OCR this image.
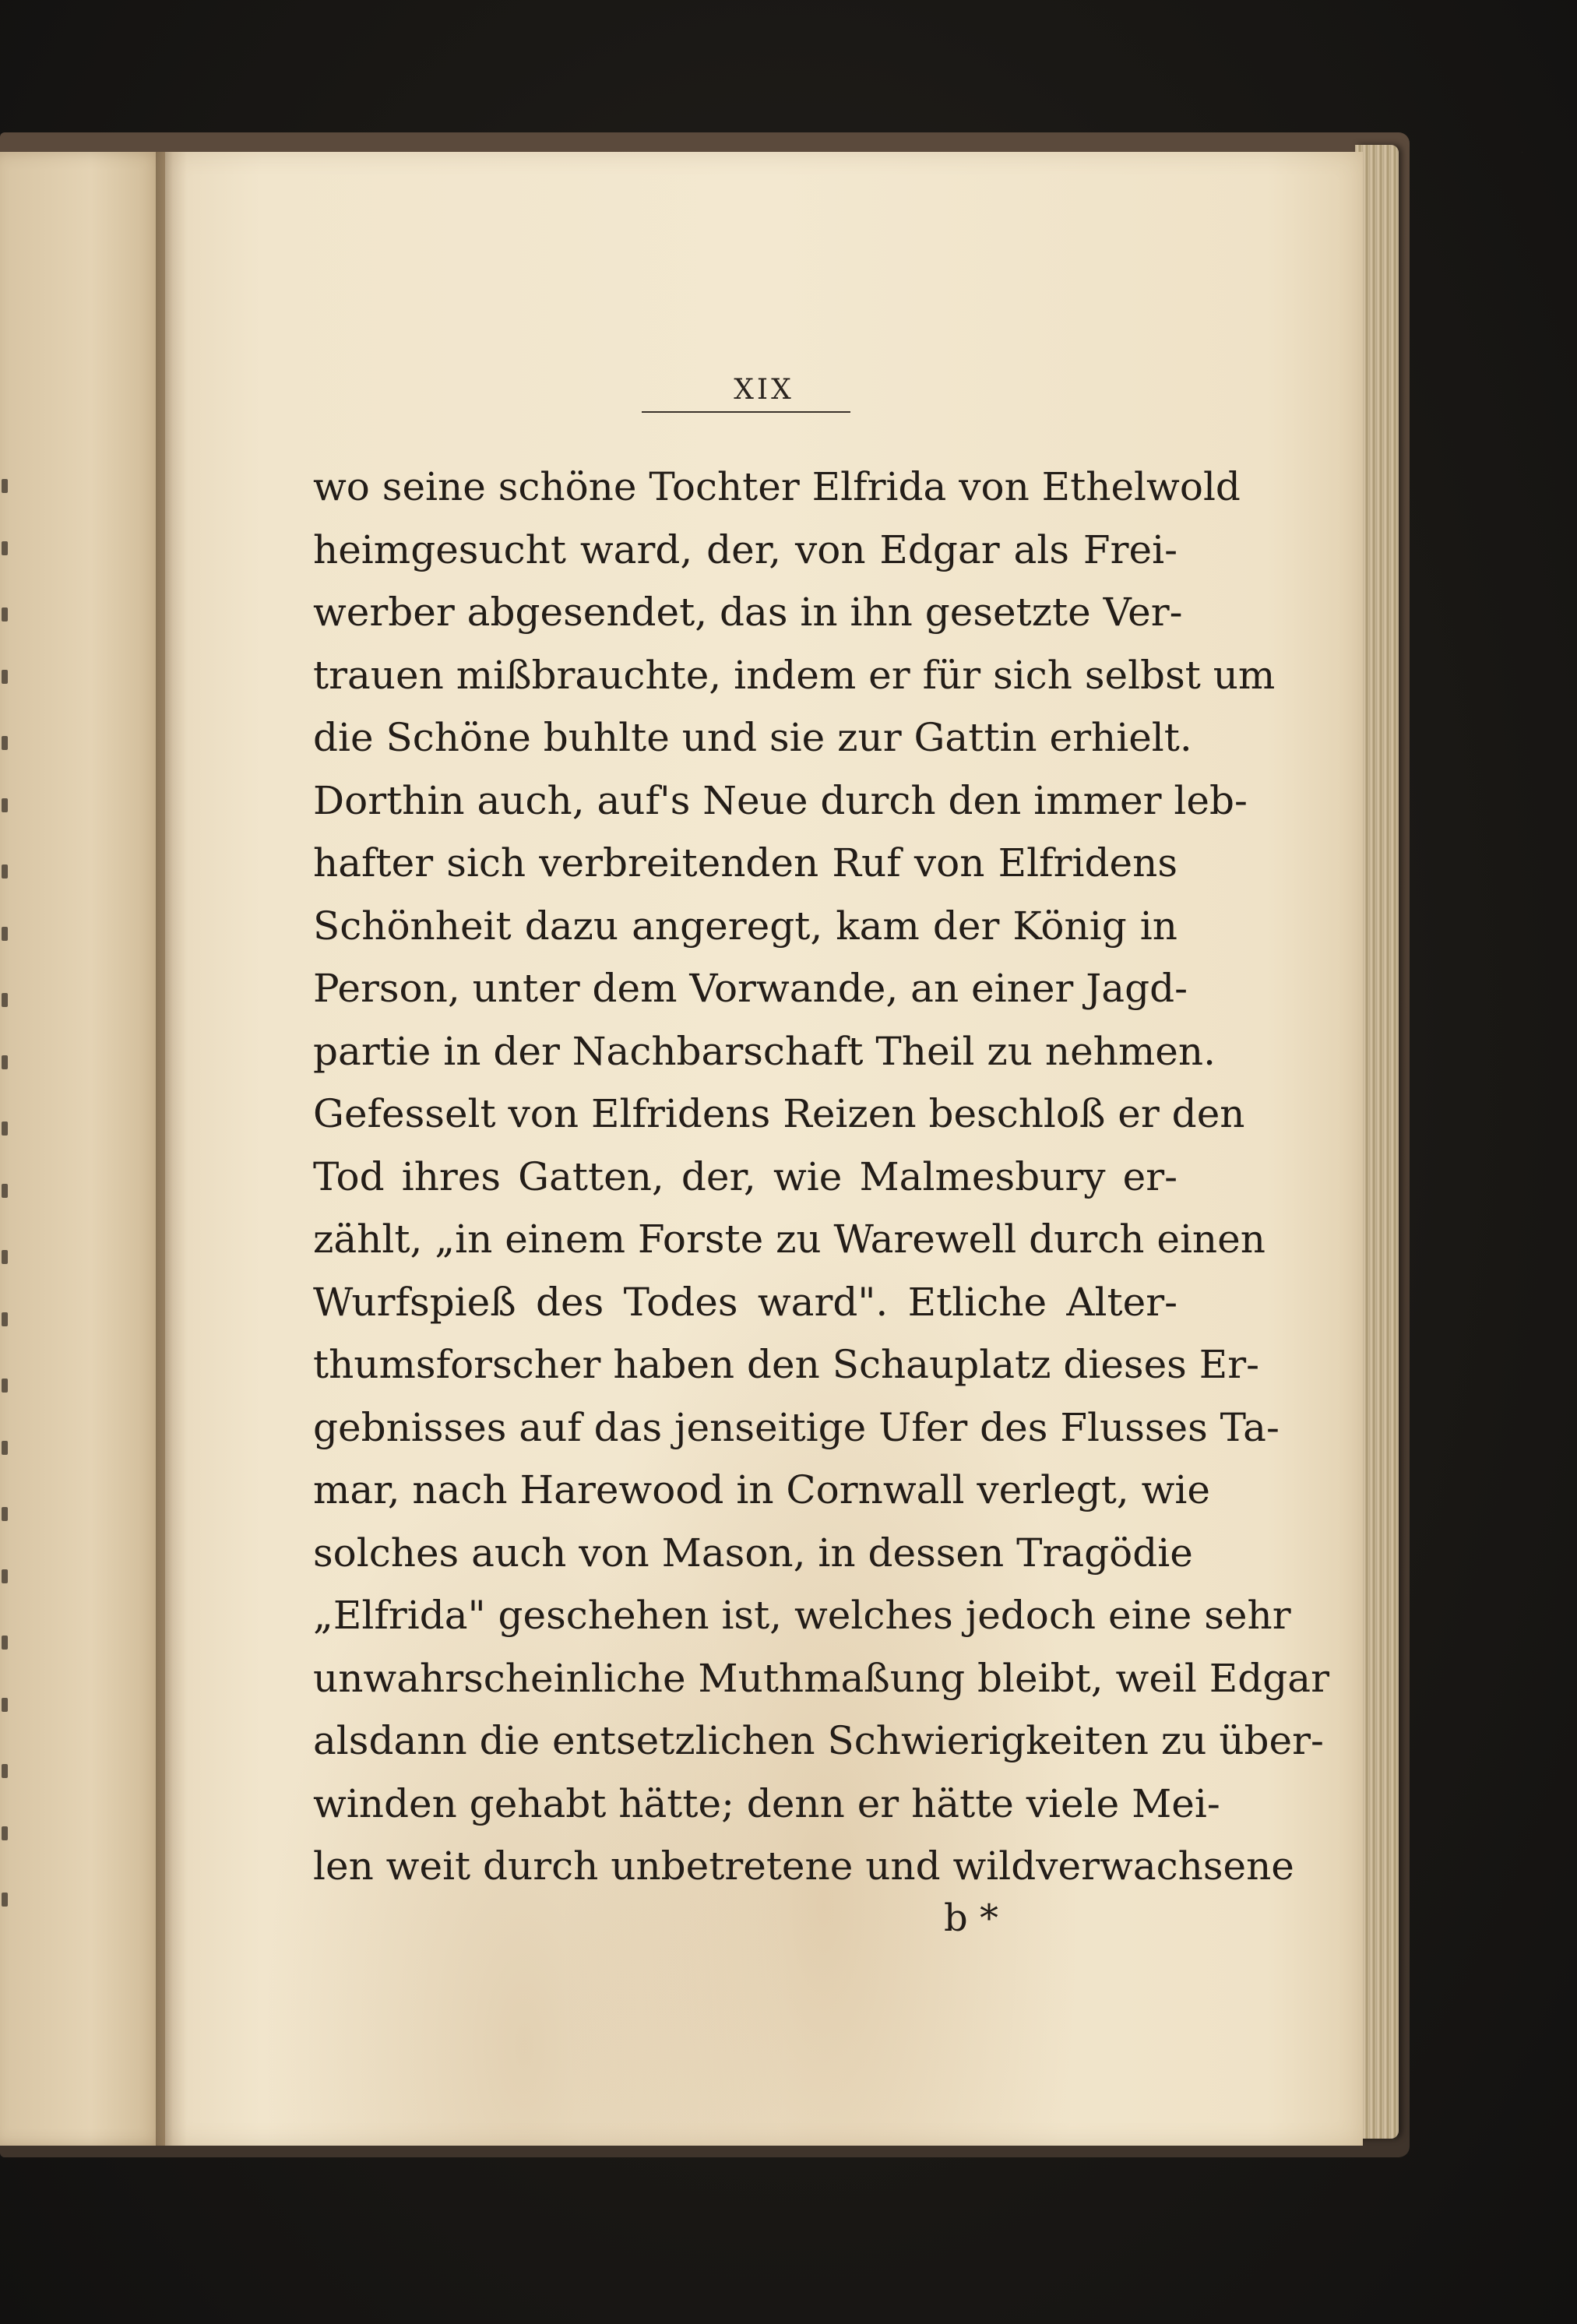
XIX
wo seine schöne Tochter Elfrida von Ethelwold
heimgesucht ward, der, von Edgar als Frei-
werber abgesendet, das in ihn gesetzte Ver-
trauen mißbrauchte, indem er für sich selbst um
die Schöne buhlte und sie zur Gattin erhielt.
Dorthin auch, auf's Neue durch den immer leb-
hafter sich verbreitenden Ruf von Elfridens
Schönheit dazu angeregt, kam der König in
Person, unter dem Vorwande, an einer Jagd-
partie in der Nachbarschaft Theil zu nehmen.
Gefesselt von Elfridens Reizen beschloß er den
Tod ihres Gatten, der, wie Malmesbury er-
zählt, „in einem Forste zu Warewell durch einen
Wurfspieß des Todes ward". Etliche Alter-
thumsforscher haben den Schauplatz dieses Er-
gebnisses auf das jenseitige Ufer des Flusses Ta-
mar, nach Harewood in Cornwall verlegt, wie
solches auch von Mason, in dessen Tragödie
„Elfrida" geschehen ist, welches jedoch eine sehr
unwahrscheinliche Muthmaßung bleibt, weil Edgar
alsdann die entsetzlichen Schwierigkeiten zu über-
winden gehabt hätte; denn er hätte viele Mei-
len weit durch unbetretene und wildverwachsene
b *
